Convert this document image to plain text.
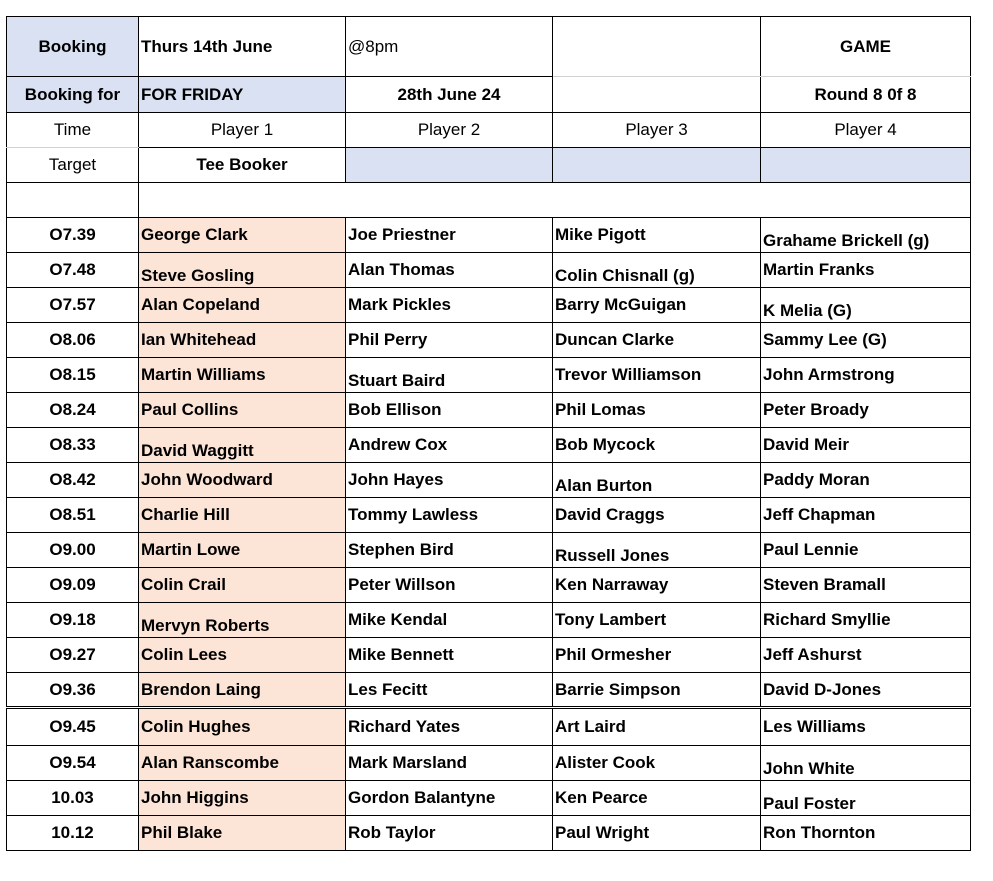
Booking	Thurs 14th June	@8pm		GAME
Booking for	FOR FRIDAY	28th June 24		Round 8 0f 8
Time	Player 1	Player 2	Player 3	Player 4
Target	Tee Booker			

O7.39	George Clark	Joe Priestner	Mike Pigott	Grahame Brickell (g)
O7.48	Steve Gosling	Alan Thomas	Colin Chisnall (g)	Martin Franks
O7.57	Alan Copeland	Mark Pickles	Barry McGuigan	K Melia (G)
O8.06	Ian Whitehead	Phil Perry	Duncan Clarke	Sammy Lee (G)
O8.15	Martin Williams	Stuart Baird	Trevor Williamson	John Armstrong
O8.24	Paul Collins	Bob Ellison	Phil Lomas	Peter Broady
O8.33	David Waggitt	Andrew Cox	Bob Mycock	David Meir
O8.42	John Woodward	John Hayes	Alan Burton	Paddy Moran
O8.51	Charlie Hill	Tommy Lawless	David Craggs	Jeff Chapman
O9.00	Martin Lowe	Stephen Bird	Russell Jones	Paul Lennie
O9.09	Colin Crail	Peter Willson	Ken Narraway	Steven Bramall
O9.18	Mervyn Roberts	Mike Kendal	Tony Lambert	Richard Smyllie
O9.27	Colin Lees	Mike Bennett	Phil Ormesher	Jeff Ashurst
O9.36	Brendon Laing	Les Fecitt	Barrie Simpson	David D-Jones
O9.45	Colin Hughes	Richard Yates	Art Laird	Les Williams
O9.54	Alan Ranscombe	Mark Marsland	Alister Cook	John White
10.03	John Higgins	Gordon Balantyne	Ken Pearce	Paul Foster
10.12	Phil Blake	Rob Taylor	Paul Wright	Ron Thornton
